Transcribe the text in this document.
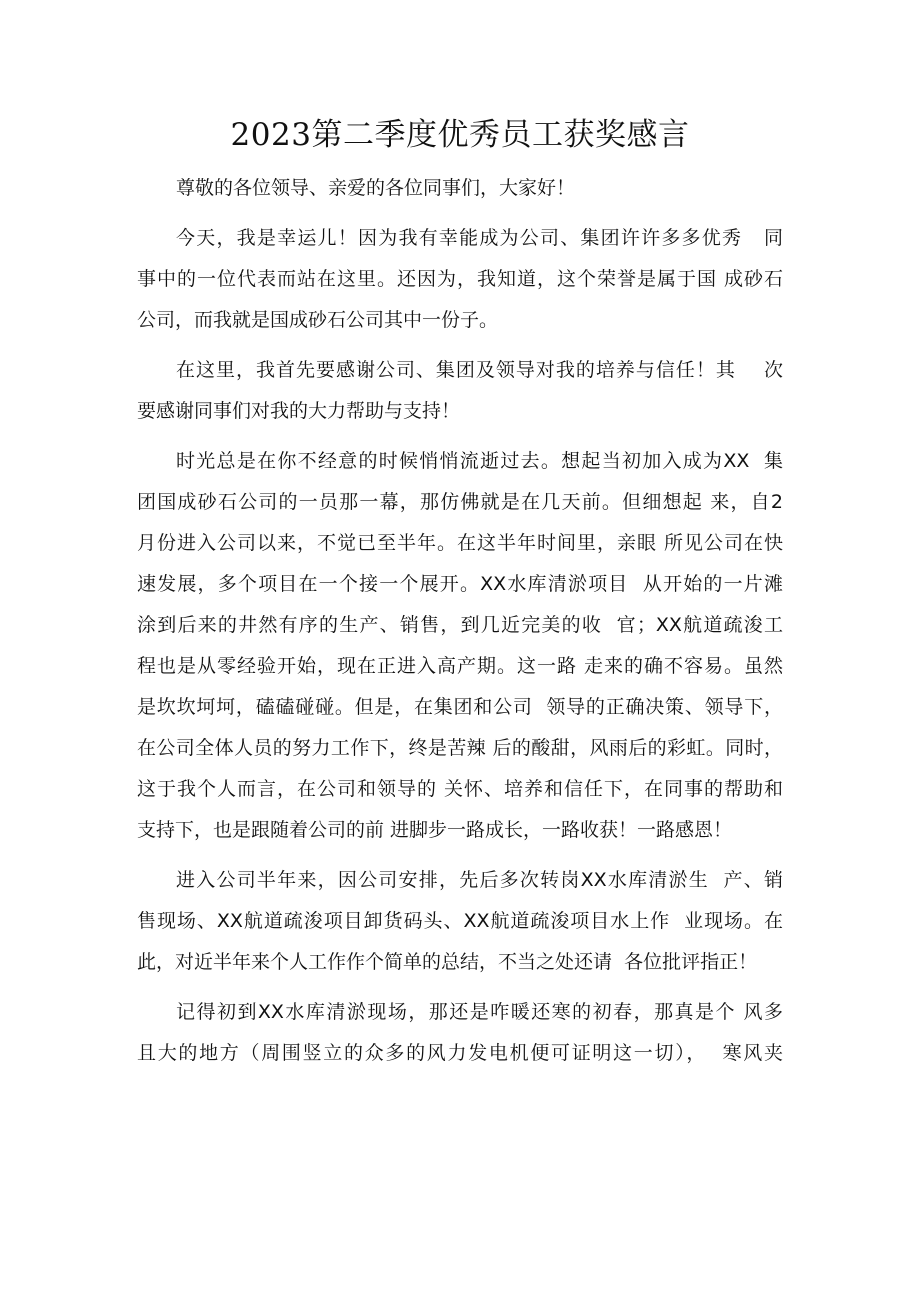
2023第二季度优秀员工获奖感言
尊敬的各位领导、亲爱的各位同事们，大家好！
今天，我是幸运儿！因为我有幸能成为公司、集团许许多多优秀   同
事中的一位代表而站在这里。还因为，我知道，这个荣誉是属于国 成砂石
公司，而我就是国成砂石公司其中一份子。
在这里，我首先要感谢公司、集团及领导对我的培养与信任！其    次
要感谢同事们对我的大力帮助与支持！
时光总是在你不经意的时候悄悄流逝过去。想起当初加入成为XX  集
团国成砂石公司的一员那一幕，那仿佛就是在几天前。但细想起 来，自2
月份进入公司以来，不觉已至半年。在这半年时间里，亲眼 所见公司在快
速发展，多个项目在一个接一个展开。XX水库清淤项目  从开始的一片滩
涂到后来的井然有序的生产、销售，到几近完美的收  官；XX航道疏浚工
程也是从零经验开始，现在正进入高产期。这一路 走来的确不容易。虽然
是坎坎坷坷，磕磕碰碰。但是，在集团和公司  领导的正确决策、领导下，
在公司全体人员的努力工作下，终是苦辣 后的酸甜，风雨后的彩虹。同时，
这于我个人而言，在公司和领导的 关怀、培养和信任下，在同事的帮助和
支持下，也是跟随着公司的前 进脚步一路成长，一路收获！一路感恩！
进入公司半年来，因公司安排，先后多次转岗XX水库清淤生  产、销
售现场、XX航道疏浚项目卸货码头、XX航道疏浚项目水上作  业现场。在
此，对近半年来个人工作作个简单的总结，不当之处还请  各位批评指正！
记得初到XX水库清淤现场，那还是咋暖还寒的初春，那真是个 风多
且大的地方（周围竖立的众多的风力发电机便可证明这一切），  寒风夹
